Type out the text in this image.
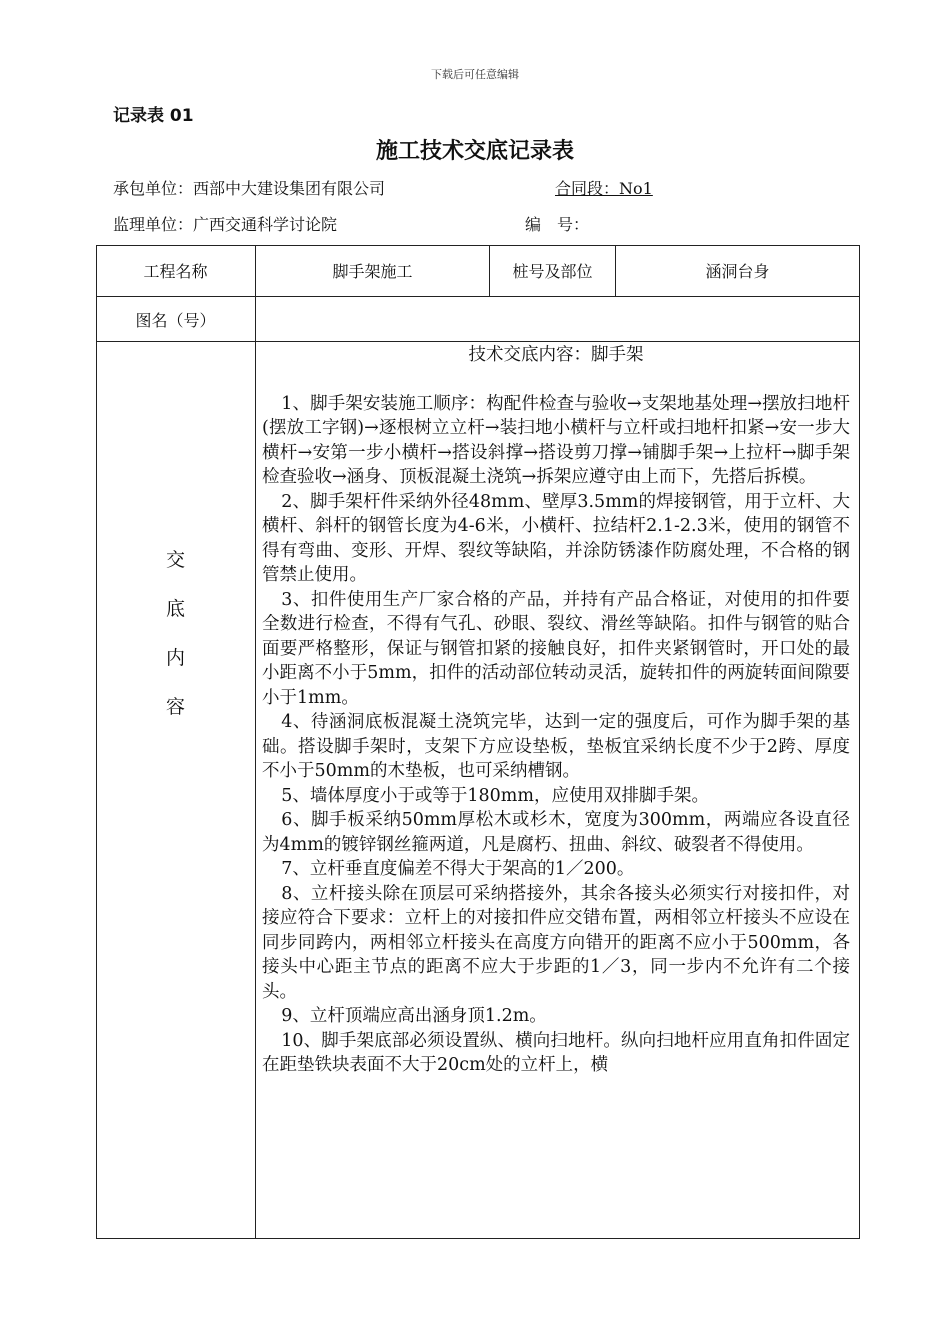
下载后可任意编辑
记录表 01
施工技术交底记录表
承包单位：西部中大建设集团有限公司	合同段：No1
监理单位：广西交通科学讨论院	编　号：
工程名称	脚手架施工	桩号及部位	涵洞台身
图名（号）
交
底
内
容
技术交底内容：脚手架

1、脚手架安装施工顺序：构配件检查与验收→支架地基处理→摆放扫地杆(摆放工字钢)→逐根树立立杆→装扫地小横杆与立杆或扫地杆扣紧→安一步大横杆→安第一步小横杆→搭设斜撑→搭设剪刀撑→铺脚手架→上拉杆→脚手架检查验收→涵身、顶板混凝土浇筑→拆架应遵守由上而下，先搭后拆模。

2、脚手架杆件采纳外径48mm、壁厚3.5mm的焊接钢管，用于立杆、大横杆、斜杆的钢管长度为4-6米，小横杆、拉结杆2.1-2.3米，使用的钢管不得有弯曲、变形、开焊、裂纹等缺陷，并涂防锈漆作防腐处理，不合格的钢管禁止使用。

3、扣件使用生产厂家合格的产品，并持有产品合格证，对使用的扣件要全数进行检查，不得有气孔、砂眼、裂纹、滑丝等缺陷。扣件与钢管的贴合面要严格整形，保证与钢管扣紧的接触良好，扣件夹紧钢管时，开口处的最小距离不小于5mm，扣件的活动部位转动灵活，旋转扣件的两旋转面间隙要小于1mm。

4、待涵洞底板混凝土浇筑完毕，达到一定的强度后，可作为脚手架的基础。搭设脚手架时，支架下方应设垫板，垫板宜采纳长度不少于2跨、厚度不小于50mm的木垫板，也可采纳槽钢。

5、墙体厚度小于或等于180mm，应使用双排脚手架。

6、脚手板采纳50mm厚松木或杉木，宽度为300mm，两端应各设直径为4mm的镀锌钢丝箍两道，凡是腐朽、扭曲、斜纹、破裂者不得使用。

7、立杆垂直度偏差不得大于架高的1／200。

8、立杆接头除在顶层可采纳搭接外，其余各接头必须实行对接扣件，对接应符合下要求：立杆上的对接扣件应交错布置，两相邻立杆接头不应设在同步同跨内，两相邻立杆接头在高度方向错开的距离不应小于500mm，各接头中心距主节点的距离不应大于步距的1／3，同一步内不允许有二个接头。

9、立杆顶端应高出涵身顶1.2m。

10、脚手架底部必须设置纵、横向扫地杆。纵向扫地杆应用直角扣件固定在距垫铁块表面不大于20cm处的立杆上，横
